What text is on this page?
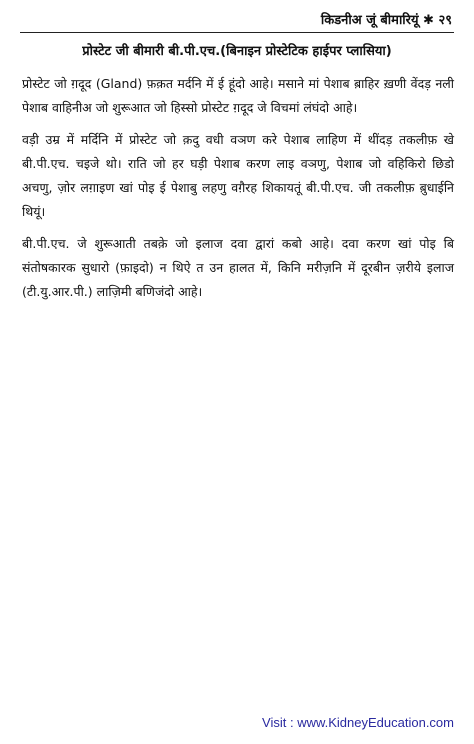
किडनीअ जूं बीमारियूं ✱ २९
प्रोस्टेट जी बीमारी बी.पी.एच.(बिनाइन प्रोस्टेटिक हाईपर प्लासिया)

प्रोस्टेट जो ग़दूद (Gland) फ़क़त मर्दनि में ई हूंदो आहे। मसाने मां पेशाब ब़ाहिर ख़णी वेंदड़ नली पेशाब वाहिनीअ जो शुरूआत जो हिस्सो प्रोस्टेट ग़दूद जे विचमां लंघंदो आहे।

वड़ी उम्र में मर्दिनि में प्रोस्टेट जो क़दु वधी वञण करे पेशाब लाहिण में थींदड़ तकलीफ़ खे बी.पी.एच. चइजे थो। राति जो हर घड़ी पेशाब करण लाइ वञणु, पेशाब जो वहिकिरो छिडो अचणु, ज़ोर लग़ाइण खां पोइ ई पेशाबु लहणु वग़ैरह शिकायतूं बी.पी.एच. जी तकलीफ़ ब़ुधाईनि थियूं।

बी.पी.एच. जे शुरूआती तबक़े जो इलाज दवा द्वारां कबो आहे। दवा करण खां पोइ बि संतोषकारक सुधारो (फ़ाइदो) न थिऐ त उन हालत में, किनि मरीज़नि में दूरबीन ज़रीये इलाज (टी.यु.आर.पी.) लाज़िमी बणिजंदो आहे।

Visit : www.KidneyEducation.com
